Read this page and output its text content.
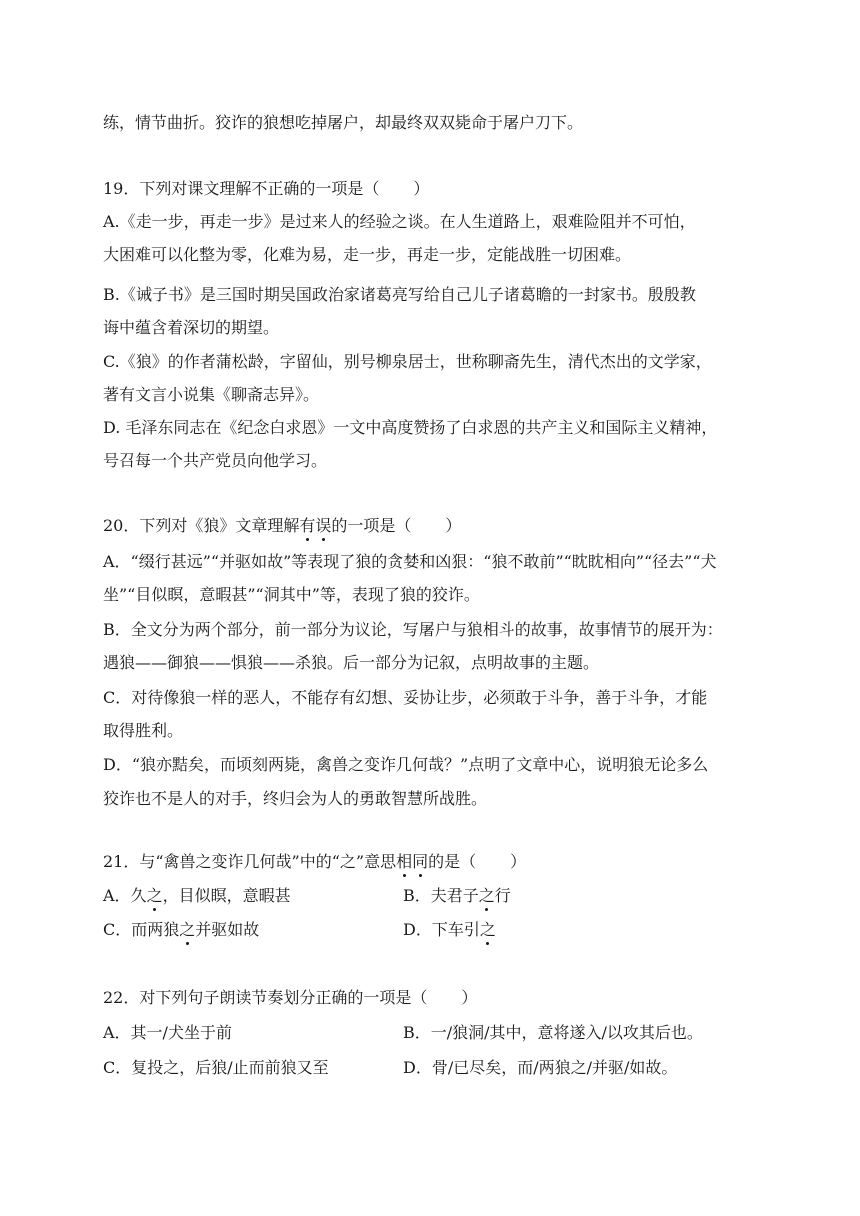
练，情节曲折。狡诈的狼想吃掉屠户，却最终双双毙命于屠户刀下。
19．下列对课文理解不正确的一项是（ ）
A.《走一步，再走一步》是过来人的经验之谈。在人生道路上，艰难险阻并不可怕，
大困难可以化整为零，化难为易，走一步，再走一步，定能战胜一切困难。
B.《诫子书》是三国时期吴国政治家诸葛亮写给自己儿子诸葛瞻的一封家书。殷殷教
诲中蕴含着深切的期望。
C.《狼》的作者蒲松龄，字留仙，别号柳泉居士，世称聊斋先生，清代杰出的文学家，
著有文言小说集《聊斋志异》。
D. 毛泽东同志在《纪念白求恩》一文中高度赞扬了白求恩的共产主义和国际主义精神，
号召每一个共产党员向他学习。
20．下列对《狼》文章理解有误的一项是（ ）
A．“缀行甚远”“并驱如故”等表现了狼的贪婪和凶狠：“狼不敢前”“眈眈相向”“径去”“犬
坐”“目似瞑，意暇甚”“洞其中”等，表现了狼的狡诈。
B．全文分为两个部分，前一部分为议论，写屠户与狼相斗的故事，故事情节的展开为：
遇狼——御狼——惧狼——杀狼。后一部分为记叙，点明故事的主题。
C．对待像狼一样的恶人，不能存有幻想、妥协让步，必须敢于斗争，善于斗争，才能
取得胜利。
D．“狼亦黠矣，而顷刻两毙，禽兽之变诈几何哉？”点明了文章中心，说明狼无论多么
狡诈也不是人的对手，终归会为人的勇敢智慧所战胜。
21．与“禽兽之变诈几何哉”中的“之”意思相同的是（ ）
A．久之，目似瞑，意暇甚	B．夫君子之行
C．而两狼之并驱如故	D．下车引之
22．对下列句子朗读节奏划分正确的一项是（ ）
A．其一/犬坐于前	B．一/狼洞/其中，意将遂入/以攻其后也。
C．复投之，后狼/止而前狼又至	D．骨/已尽矣，而/两狼之/并驱/如故。
